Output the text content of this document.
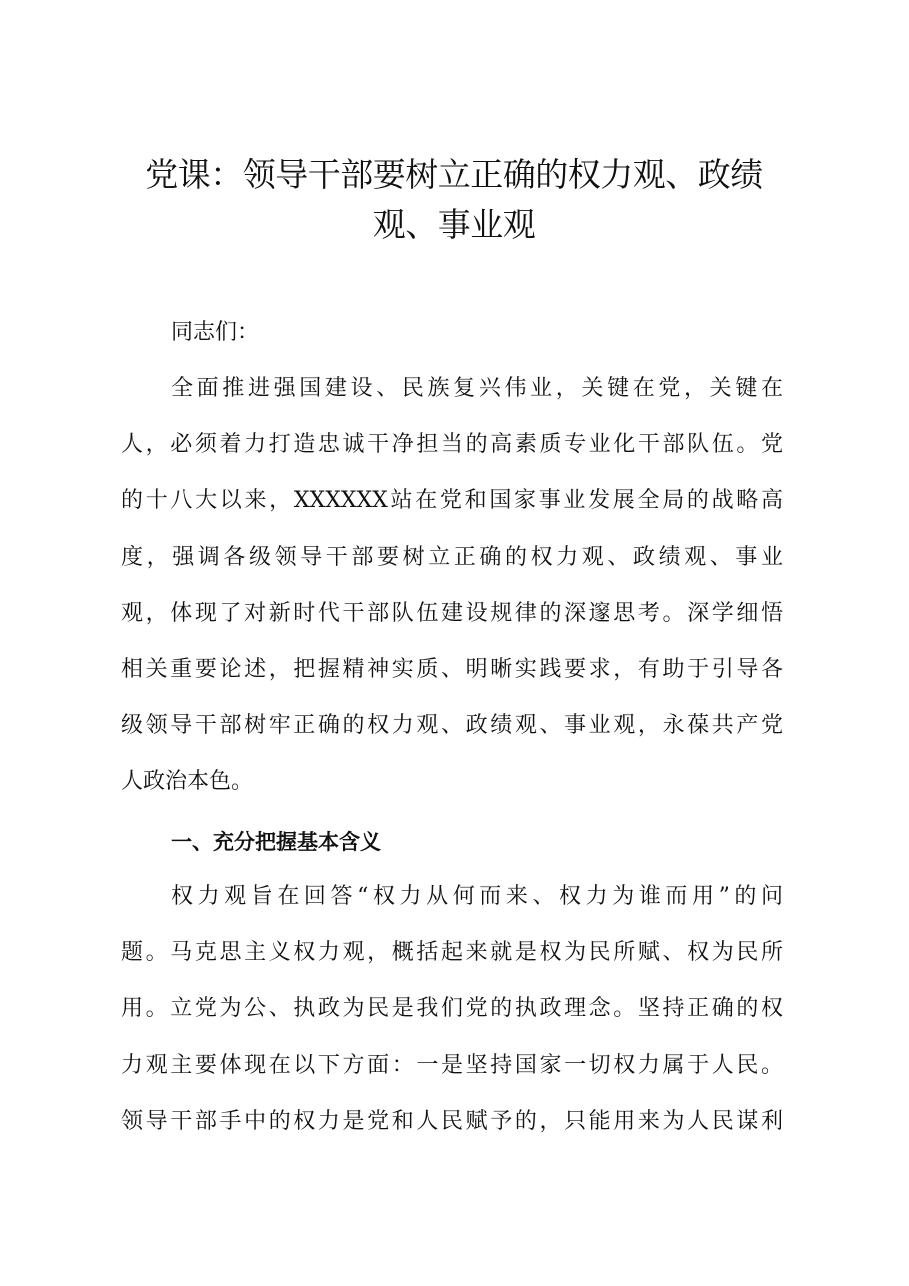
党课：领导干部要树立正确的权力观、政绩
观、事业观
同志们：
全面推进强国建设、民族复兴伟业，关键在党，关键在
人，必须着力打造忠诚干净担当的高素质专业化干部队伍。党
的十八大以来，XXXXXX站在党和国家事业发展全局的战略高
度，强调各级领导干部要树立正确的权力观、政绩观、事业
观，体现了对新时代干部队伍建设规律的深邃思考。深学细悟
相关重要论述，把握精神实质、明晰实践要求，有助于引导各
级领导干部树牢正确的权力观、政绩观、事业观，永葆共产党
人政治本色。
一、充分把握基本含义
权力观旨在回答“权力从何而来、权力为谁而用”的问
题。马克思主义权力观，概括起来就是权为民所赋、权为民所
用。立党为公、执政为民是我们党的执政理念。坚持正确的权
力观主要体现在以下方面：一是坚持国家一切权力属于人民。
领导干部手中的权力是党和人民赋予的，只能用来为人民谋利
